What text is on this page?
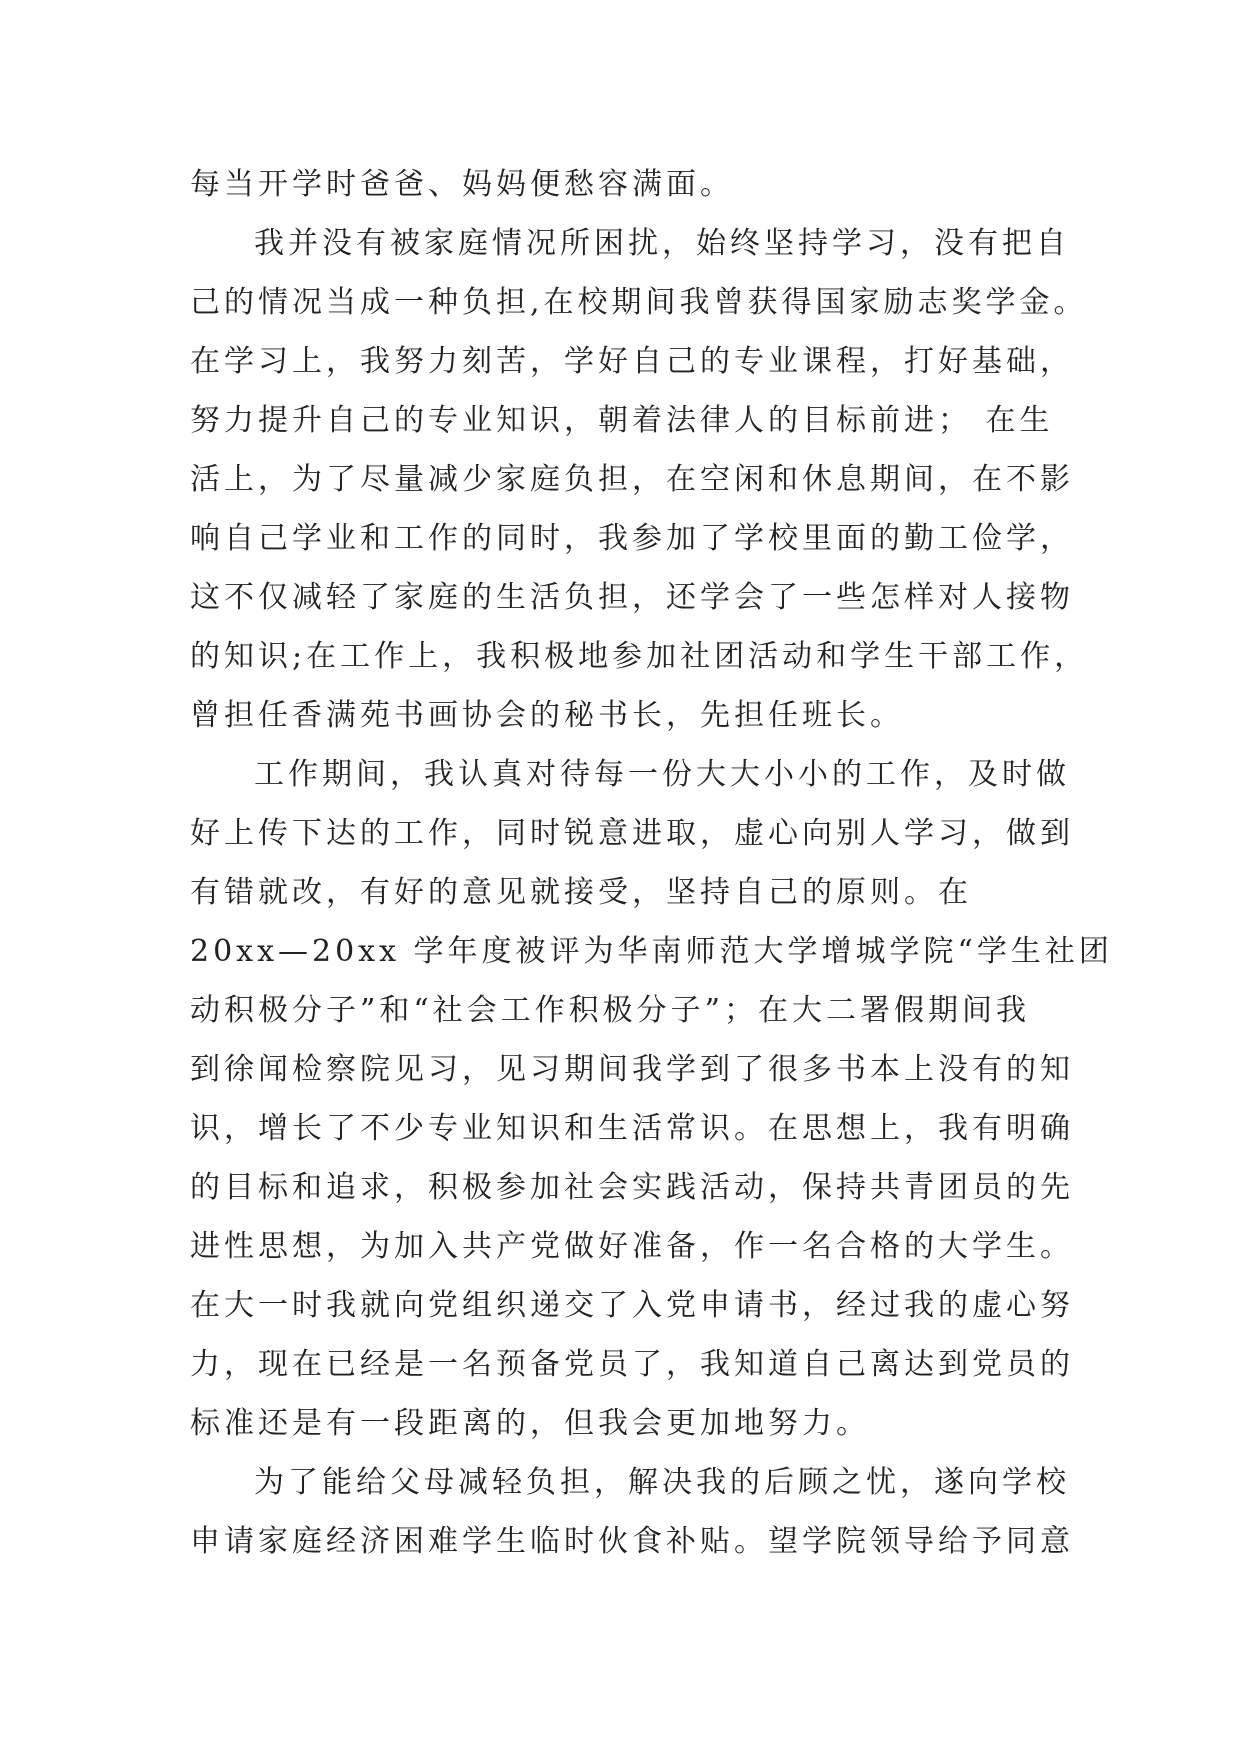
每当开学时爸爸、妈妈便愁容满面。
我并没有被家庭情况所困扰，始终坚持学习，没有把自
己的情况当成一种负担,在校期间我曾获得国家励志奖学金。
在学习上，我努力刻苦，学好自己的专业课程，打好基础，
努力提升自己的专业知识，朝着法律人的目标前进； 在生
活上，为了尽量减少家庭负担，在空闲和休息期间，在不影
响自己学业和工作的同时，我参加了学校里面的勤工俭学，
这不仅减轻了家庭的生活负担，还学会了一些怎样对人接物
的知识;在工作上，我积极地参加社团活动和学生干部工作，
曾担任香满苑书画协会的秘书长，先担任班长。
工作期间，我认真对待每一份大大小小的工作，及时做
好上传下达的工作，同时锐意进取，虚心向别人学习，做到
有错就改，有好的意见就接受，坚持自己的原则。在
20xx—20xx 学年度被评为华南师范大学增城学院“学生社团
动积极分子”和“社会工作积极分子”；在大二署假期间我
到徐闻检察院见习，见习期间我学到了很多书本上没有的知
识，增长了不少专业知识和生活常识。在思想上，我有明确
的目标和追求，积极参加社会实践活动，保持共青团员的先
进性思想，为加入共产党做好准备，作一名合格的大学生。
在大一时我就向党组织递交了入党申请书，经过我的虚心努
力，现在已经是一名预备党员了，我知道自己离达到党员的
标准还是有一段距离的，但我会更加地努力。
为了能给父母减轻负担，解决我的后顾之忧，遂向学校
申请家庭经济困难学生临时伙食补贴。望学院领导给予同意
